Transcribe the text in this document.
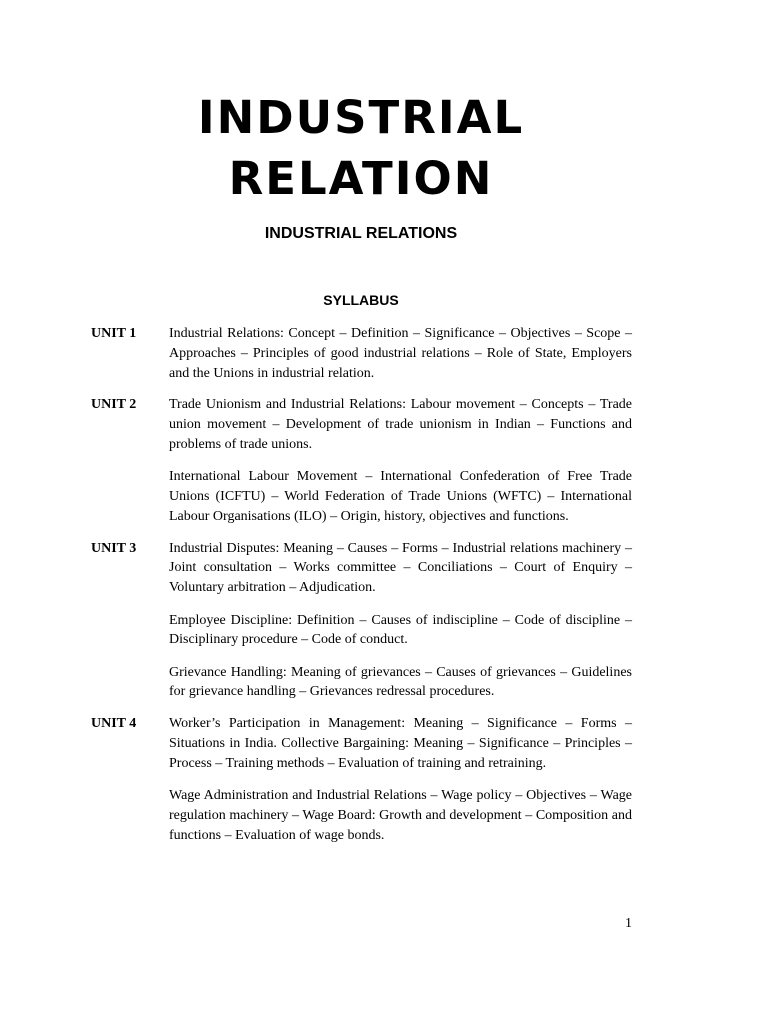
INDUSTRIAL
RELATION
INDUSTRIAL RELATIONS
SYLLABUS
UNIT 1 Industrial Relations: Concept – Definition – Significance – Objectives – Scope – Approaches – Principles of good industrial relations – Role of State, Employers and the Unions in industrial relation.

UNIT 2 Trade Unionism and Industrial Relations: Labour movement – Concepts – Trade union movement – Development of trade unionism in Indian – Functions and problems of trade unions.

International Labour Movement – International Confederation of Free Trade Unions (ICFTU) – World Federation of Trade Unions (WFTC) – International Labour Organisations (ILO) – Origin, history, objectives and functions.

UNIT 3 Industrial Disputes: Meaning – Causes – Forms – Industrial relations machinery – Joint consultation – Works committee – Conciliations – Court of Enquiry – Voluntary arbitration – Adjudication.

Employee Discipline: Definition – Causes of indiscipline – Code of discipline – Disciplinary procedure – Code of conduct.

Grievance Handling: Meaning of grievances – Causes of grievances – Guidelines for grievance handling – Grievances redressal procedures.

UNIT 4 Worker’s Participation in Management: Meaning – Significance – Forms – Situations in India. Collective Bargaining: Meaning – Significance – Principles – Process – Training methods – Evaluation of training and retraining.

Wage Administration and Industrial Relations – Wage policy – Objectives – Wage regulation machinery – Wage Board: Growth and development – Composition and functions – Evaluation of wage bonds.

1
